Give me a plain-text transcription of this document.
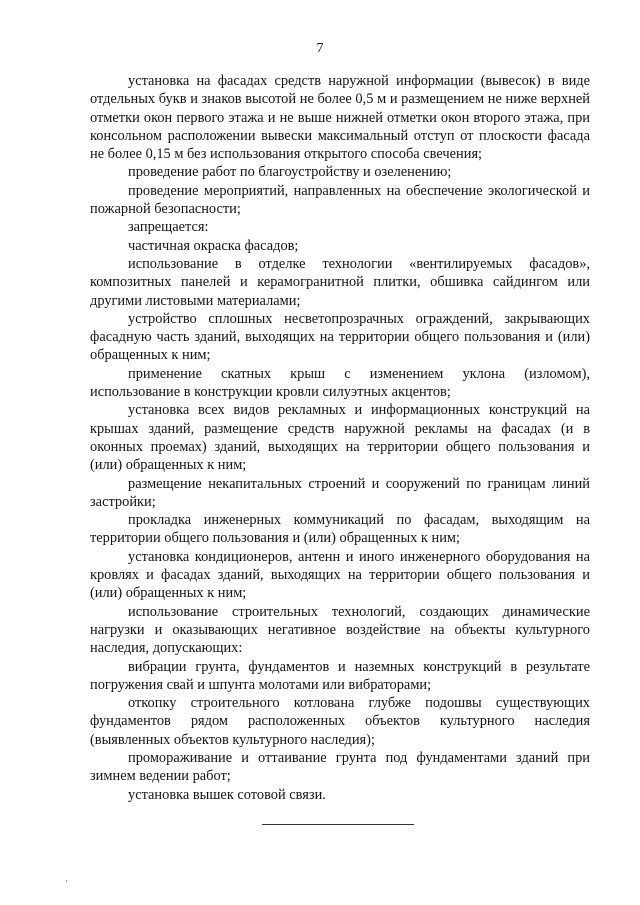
7

установка на фасадах средств наружной информации (вывесок) в виде отдельных букв и знаков высотой не более 0,5 м и размещением не ниже верхней отметки окон первого этажа и не выше нижней отметки окон второго этажа, при консольном расположении вывески максимальный отступ от плоскости фасада не более 0,15 м без использования открытого способа свечения;

проведение работ по благоустройству и озеленению;

проведение мероприятий, направленных на обеспечение экологической и пожарной безопасности;

запрещается:

частичная окраска фасадов;

использование в отделке технологии «вентилируемых фасадов», композитных панелей и керамогранитной плитки, обшивка сайдингом или другими листовыми материалами;

устройство сплошных несветопрозрачных ограждений, закрывающих фасадную часть зданий, выходящих на территории общего пользования и (или) обращенных к ним;

применение скатных крыш с изменением уклона (изломом), использование в конструкции кровли силуэтных акцентов;

установка всех видов рекламных и информационных конструкций на крышах зданий, размещение средств наружной рекламы на фасадах (и в оконных проемах) зданий, выходящих на территории общего пользования и (или) обращенных к ним;

размещение некапитальных строений и сооружений по границам линий застройки;

прокладка инженерных коммуникаций по фасадам, выходящим на территории общего пользования и (или) обращенных к ним;

установка кондиционеров, антенн и иного инженерного оборудования на кровлях и фасадах зданий, выходящих на территории общего пользования и (или) обращенных к ним;

использование строительных технологий, создающих динамические нагрузки и оказывающих негативное воздействие на объекты культурного наследия, допускающих:

вибрации грунта, фундаментов и наземных конструкций в результате погружения свай и шпунта молотами или вибраторами;

откопку строительного котлована глубже подошвы существующих фундаментов рядом расположенных объектов культурного наследия (выявленных объектов культурного наследия);

промораживание и оттаивание грунта под фундаментами зданий при зимнем ведении работ;

установка вышек сотовой связи.
